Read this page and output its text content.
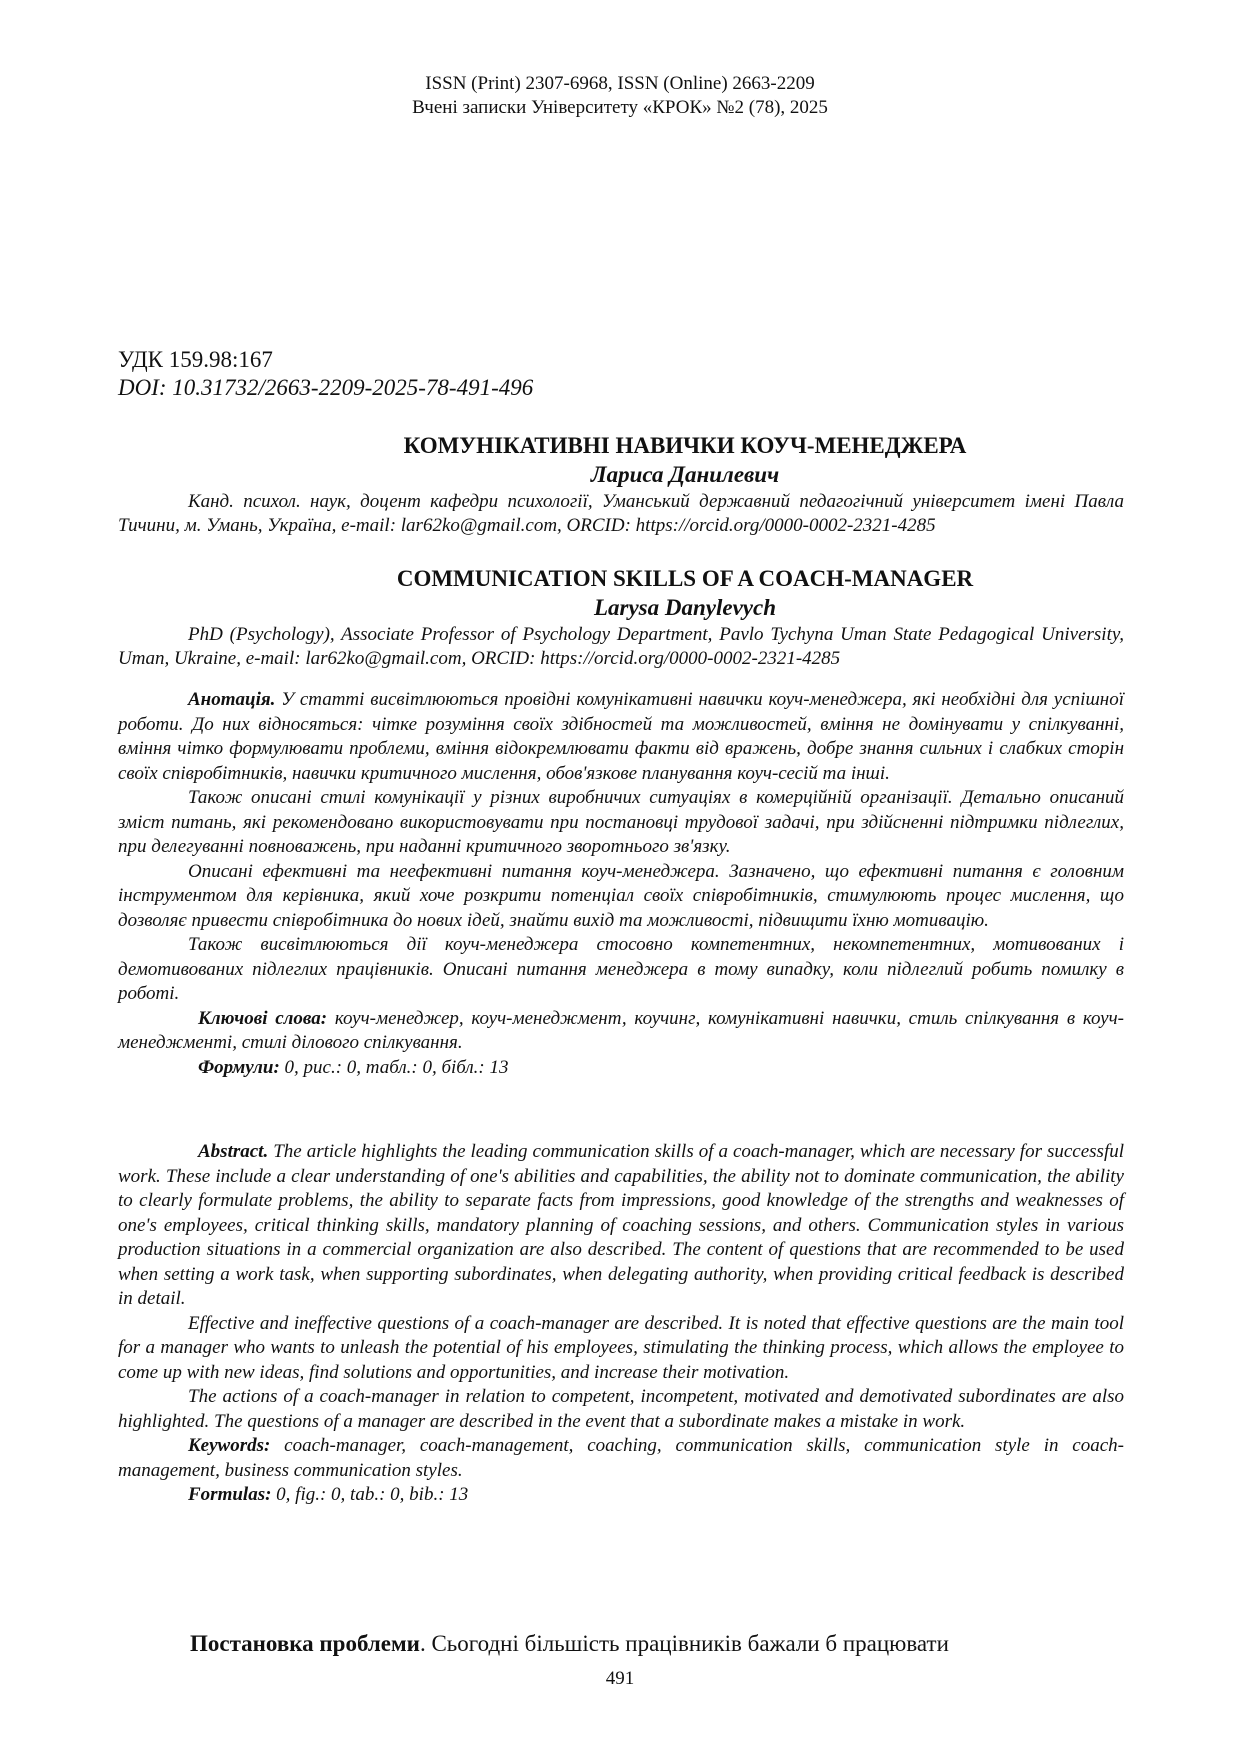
ISSN (Print) 2307-6968, ISSN (Online) 2663-2209
Вчені записки Університету «КРОК» №2 (78), 2025
УДК 159.98:167
DOI: 10.31732/2663-2209-2025-78-491-496
КОМУНІКАТИВНІ НАВИЧКИ КОУЧ-МЕНЕДЖЕРА
Лариса Данилевич
Канд. психол. наук, доцент кафедри психології, Уманський державний педагогічний університет імені Павла Тичини, м. Умань, Україна, e-mail: lar62ko@gmail.com, ORCID: https://orcid.org/0000-0002-2321-4285
COMMUNICATION SKILLS OF A COACH-MANAGER
Larysa Danylevych
PhD (Psychology), Associate Professor of Psychology Department, Pavlo Tychyna Uman State Pedagogical University, Uman, Ukraine, e-mail: lar62ko@gmail.com, ORCID: https://orcid.org/0000-0002-2321-4285

Анотація. У статті висвітлюються провідні комунікативні навички коуч-менеджера, які необхідні для успішної роботи. До них відносяться: чітке розуміння своїх здібностей та можливостей, вміння не домінувати у спілкуванні, вміння чітко формулювати проблеми, вміння відокремлювати факти від вражень, добре знання сильних і слабких сторін своїх співробітників, навички критичного мислення, обов'язкове планування коуч-сесій та інші.

Також описані стилі комунікації у різних виробничих ситуаціях в комерційній організації. Детально описаний зміст питань, які рекомендовано використовувати при постановці трудової задачі, при здійсненні підтримки підлеглих, при делегуванні повноважень, при наданні критичного зворотнього зв'язку.

Описані ефективні та неефективні питання коуч-менеджера. Зазначено, що ефективні питання є головним інструментом для керівника, який хоче розкрити потенціал своїх співробітників, стимулюють процес мислення, що дозволяє привести співробітника до нових ідей, знайти вихід та можливості, підвищити їхню мотивацію.

Також висвітлюються дії коуч-менеджера стосовно компетентних, некомпетентних, мотивованих і демотивованих підлеглих працівників. Описані питання менеджера в тому випадку, коли підлеглий робить помилку в роботі.

Ключові слова: коуч-менеджер, коуч-менеджмент, коучинг, комунікативні навички, стиль спілкування в коуч-менеджменті, стилі ділового спілкування.

Формули: 0, рис.: 0, табл.: 0, бібл.: 13

Abstract. The article highlights the leading communication skills of a coach-manager, which are necessary for successful work. These include a clear understanding of one's abilities and capabilities, the ability not to dominate communication, the ability to clearly formulate problems, the ability to separate facts from impressions, good knowledge of the strengths and weaknesses of one's employees, critical thinking skills, mandatory planning of coaching sessions, and others. Communication styles in various production situations in a commercial organization are also described. The content of questions that are recommended to be used when setting a work task, when supporting subordinates, when delegating authority, when providing critical feedback is described in detail.

Effective and ineffective questions of a coach-manager are described. It is noted that effective questions are the main tool for a manager who wants to unleash the potential of his employees, stimulating the thinking process, which allows the employee to come up with new ideas, find solutions and opportunities, and increase their motivation.

The actions of a coach-manager in relation to competent, incompetent, motivated and demotivated subordinates are also highlighted. The questions of a manager are described in the event that a subordinate makes a mistake in work.

Keywords: coach-manager, coach-management, coaching, communication skills, communication style in coach-management, business communication styles.

Formulas: 0, fig.: 0, tab.: 0, bib.: 13

Постановка проблеми. Сьогодні більшість працівників бажали б працювати
491
